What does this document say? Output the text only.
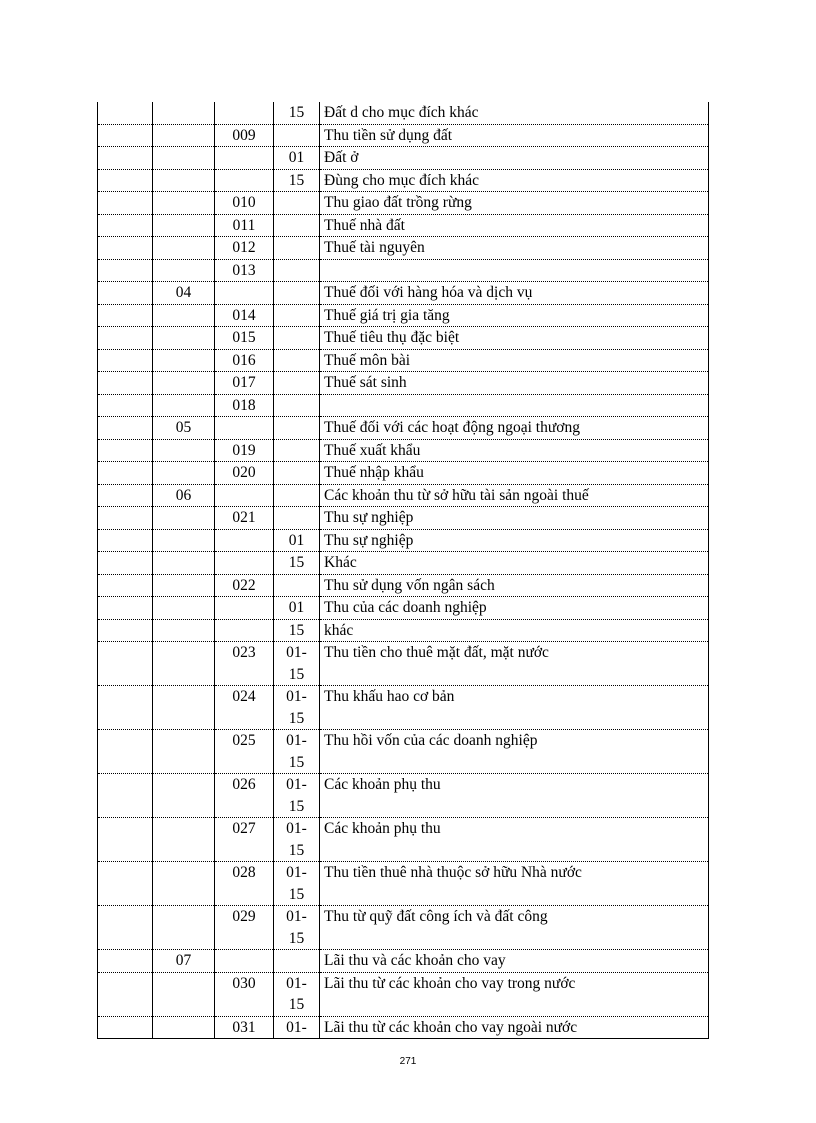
			15	Đất d cho mục đích khác
		009		Thu tiền sử dụng đất
			01	Đất ở
			15	Đùng cho mục đích khác
		010		Thu giao đất trồng rừng
		011		Thuế nhà đất
		012		Thuế tài nguyên
		013		
	04			Thuế đối với hàng hóa và dịch vụ
		014		Thuế giá trị gia tăng
		015		Thuế tiêu thụ đặc biệt
		016		Thuế môn bài
		017		Thuế sát sinh
		018		
	05			Thuế đối với các hoạt động ngoại thương
		019		Thuế xuất khẩu
		020		Thuế nhập khẩu
	06			Các khoản thu từ sở hữu tài sản ngoài thuế
		021		Thu sự nghiệp
			01	Thu sự nghiệp
			15	Khác
		022		Thu sử dụng vốn ngân sách
			01	Thu của các doanh nghiệp
			15	khác
		023	01-
15	Thu tiền cho thuê mặt đất, mặt nước
		024	01-
15	Thu khấu hao cơ bản
		025	01-
15	Thu hồi vốn của các doanh nghiệp
		026	01-
15	Các khoản phụ thu
		027	01-
15	Các khoản phụ thu
		028	01-
15	Thu tiền thuê nhà thuộc sở hữu Nhà nước
		029	01-
15	Thu từ quỹ đất công ích và đất công
	07			Lãi thu và các khoản cho vay
		030	01-
15	Lãi thu từ các khoản cho vay trong nước
		031	01-	Lãi thu từ các khoản cho vay ngoài nước
271
